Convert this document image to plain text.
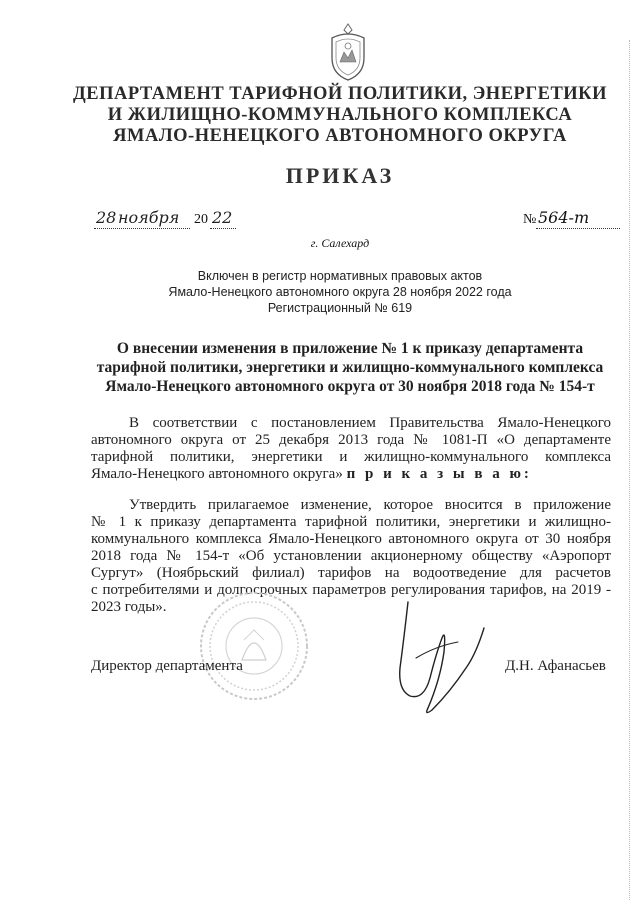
ДЕПАРТАМЕНТ ТАРИФНОЙ ПОЛИТИКИ, ЭНЕРГЕТИКИ
И ЖИЛИЩНО-КОММУНАЛЬНОГО КОМПЛЕКСА
ЯМАЛО-НЕНЕЦКОГО АВТОНОМНОГО ОКРУГА
ПРИКАЗ
28 ноября 20 22	№ 564-т
г. Салехард
Включен в регистр нормативных правовых актов
Ямало-Ненецкого автономного округа 28 ноября 2022 года
Регистрационный № 619
О внесении изменения в приложение № 1 к приказу департамента
тарифной политики, энергетики и жилищно-коммунального комплекса
Ямало-Ненецкого автономного округа от 30 ноября 2018 года № 154-т
В соответствии с постановлением Правительства Ямало-Ненецкого
автономного округа от 25 декабря 2013 года № 1081-П «О департаменте
тарифной политики, энергетики и жилищно-коммунального комплекса
Ямало-Ненецкого автономного округа» п р и к а з ы в а ю:
Утвердить прилагаемое изменение, которое вносится в приложение
№ 1 к приказу департамента тарифной политики, энергетики и жилищно-
коммунального комплекса Ямало-Ненецкого автономного округа от 30 ноября
2018 года № 154-т «Об установлении акционерному обществу «Аэропорт
Сургут» (Ноябрьский филиал) тарифов на водоотведение для расчетов
с потребителями и долгосрочных параметров регулирования тарифов, на 2019 -
2023 годы».
Директор департамента	Д.Н. Афанасьев
